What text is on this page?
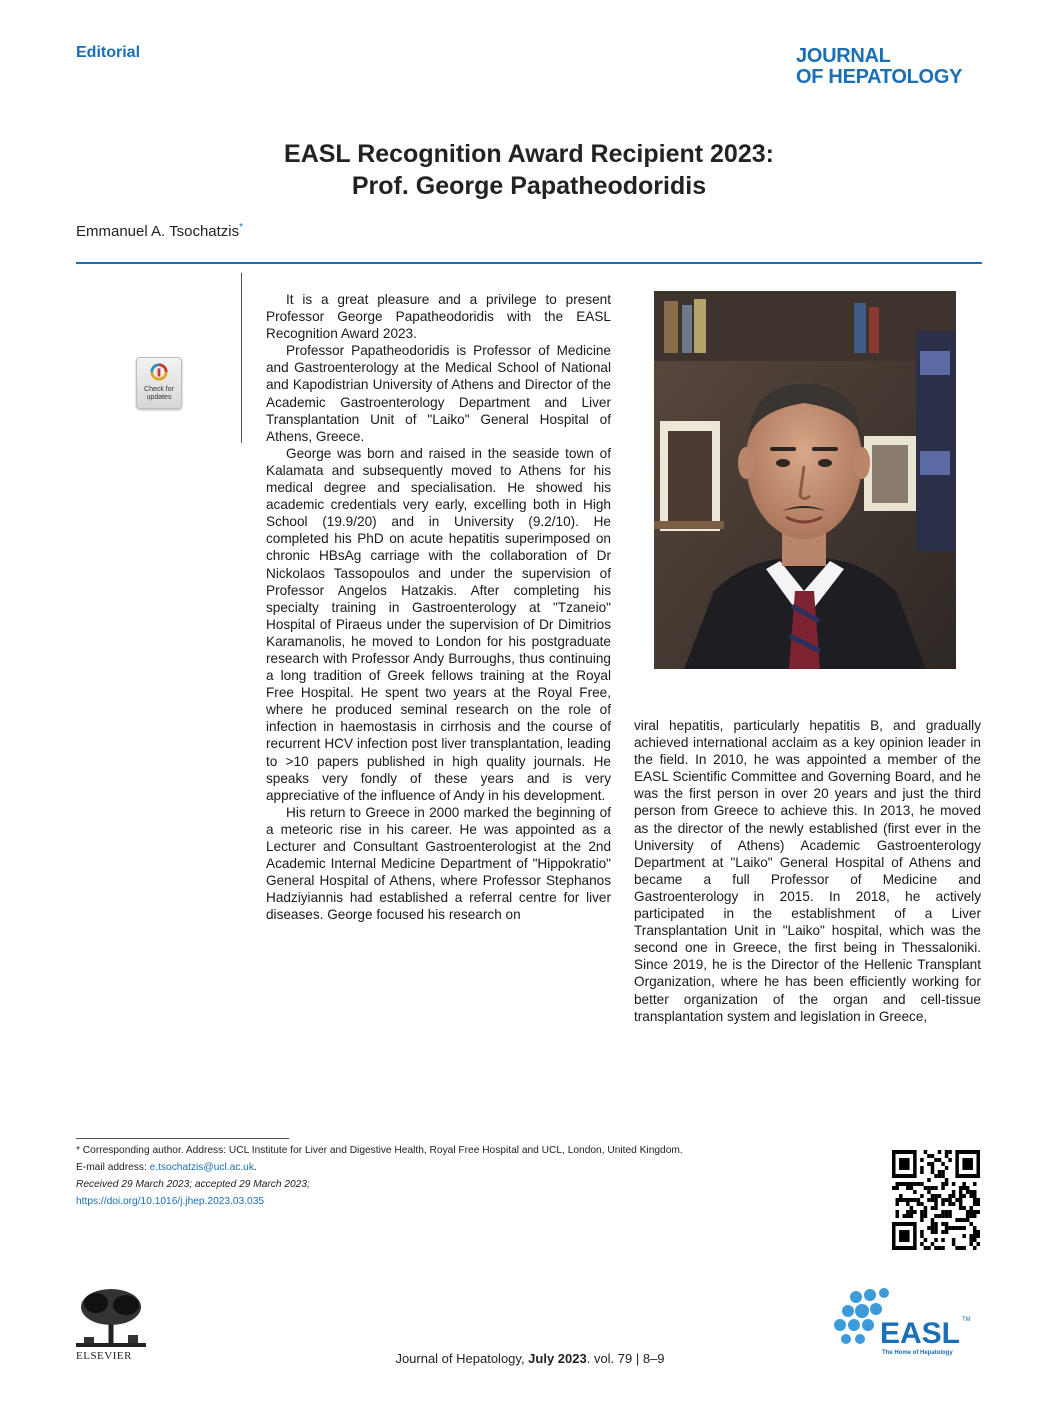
Editorial	JOURNAL
OF HEPATOLOGY
EASL Recognition Award Recipient 2023:
Prof. George Papatheodoridis
Emmanuel A. Tsochatzis*
Check for
updates

It is a great pleasure and a privilege to present Professor George Papatheodoridis with the EASL Recognition Award 2023.

Professor Papatheodoridis is Professor of Medicine and Gastroenterology at the Medical School of National and Kapodistrian University of Athens and Director of the Academic Gastroenterology Department and Liver Transplantation Unit of "Laiko" General Hospital of Athens, Greece.

George was born and raised in the seaside town of Kalamata and subsequently moved to Athens for his medical degree and specialisation. He showed his academic credentials very early, excelling both in High School (19.9/20) and in University (9.2/10). He completed his PhD on acute hepatitis superimposed on chronic HBsAg carriage with the collaboration of Dr Nickolaos Tassopoulos and under the supervision of Professor Angelos Hatzakis. After completing his specialty training in Gastroenterology at "Tzaneio" Hospital of Piraeus under the supervision of Dr Dimitrios Karamanolis, he moved to London for his postgraduate research with Professor Andy Burroughs, thus continuing a long tradition of Greek fellows training at the Royal Free Hospital. He spent two years at the Royal Free, where he produced seminal research on the role of infection in haemostasis in cirrhosis and the course of recurrent HCV infection post liver transplantation, leading to >10 papers published in high quality journals. He speaks very fondly of these years and is very appreciative of the influence of Andy in his development.

His return to Greece in 2000 marked the beginning of a meteoric rise in his career. He was appointed as a Lecturer and Consultant Gastroenterologist at the 2nd Academic Internal Medicine Department of "Hippokratio" General Hospital of Athens, where Professor Stephanos Hadziyiannis had established a referral centre for liver diseases. George focused his research on

viral hepatitis, particularly hepatitis B, and gradually achieved international acclaim as a key opinion leader in the field. In 2010, he was appointed a member of the EASL Scientific Committee and Governing Board, and he was the first person in over 20 years and just the third person from Greece to achieve this. In 2013, he moved as the director of the newly established (first ever in the University of Athens) Academic Gastroenterology Department at "Laiko" General Hospital of Athens and became a full Professor of Medicine and Gastroenterology in 2015. In 2018, he actively participated in the establishment of a Liver Transplantation Unit in "Laiko" hospital, which was the second one in Greece, the first being in Thessaloniki. Since 2019, he is the Director of the Hellenic Transplant Organization, where he has been efficiently working for better organization of the organ and cell-tissue transplantation system and legislation in Greece,

* Corresponding author. Address: UCL Institute for Liver and Digestive Health, Royal Free Hospital and UCL, London, United Kingdom.
E-mail address: e.tsochatzis@ucl.ac.uk.
Received 29 March 2023; accepted 29 March 2023;
https://doi.org/10.1016/j.jhep.2023.03.035
ELSEVIER	Journal of Hepatology, July 2023. vol. 79 | 8–9
EASL TM
The Home of Hepatology
